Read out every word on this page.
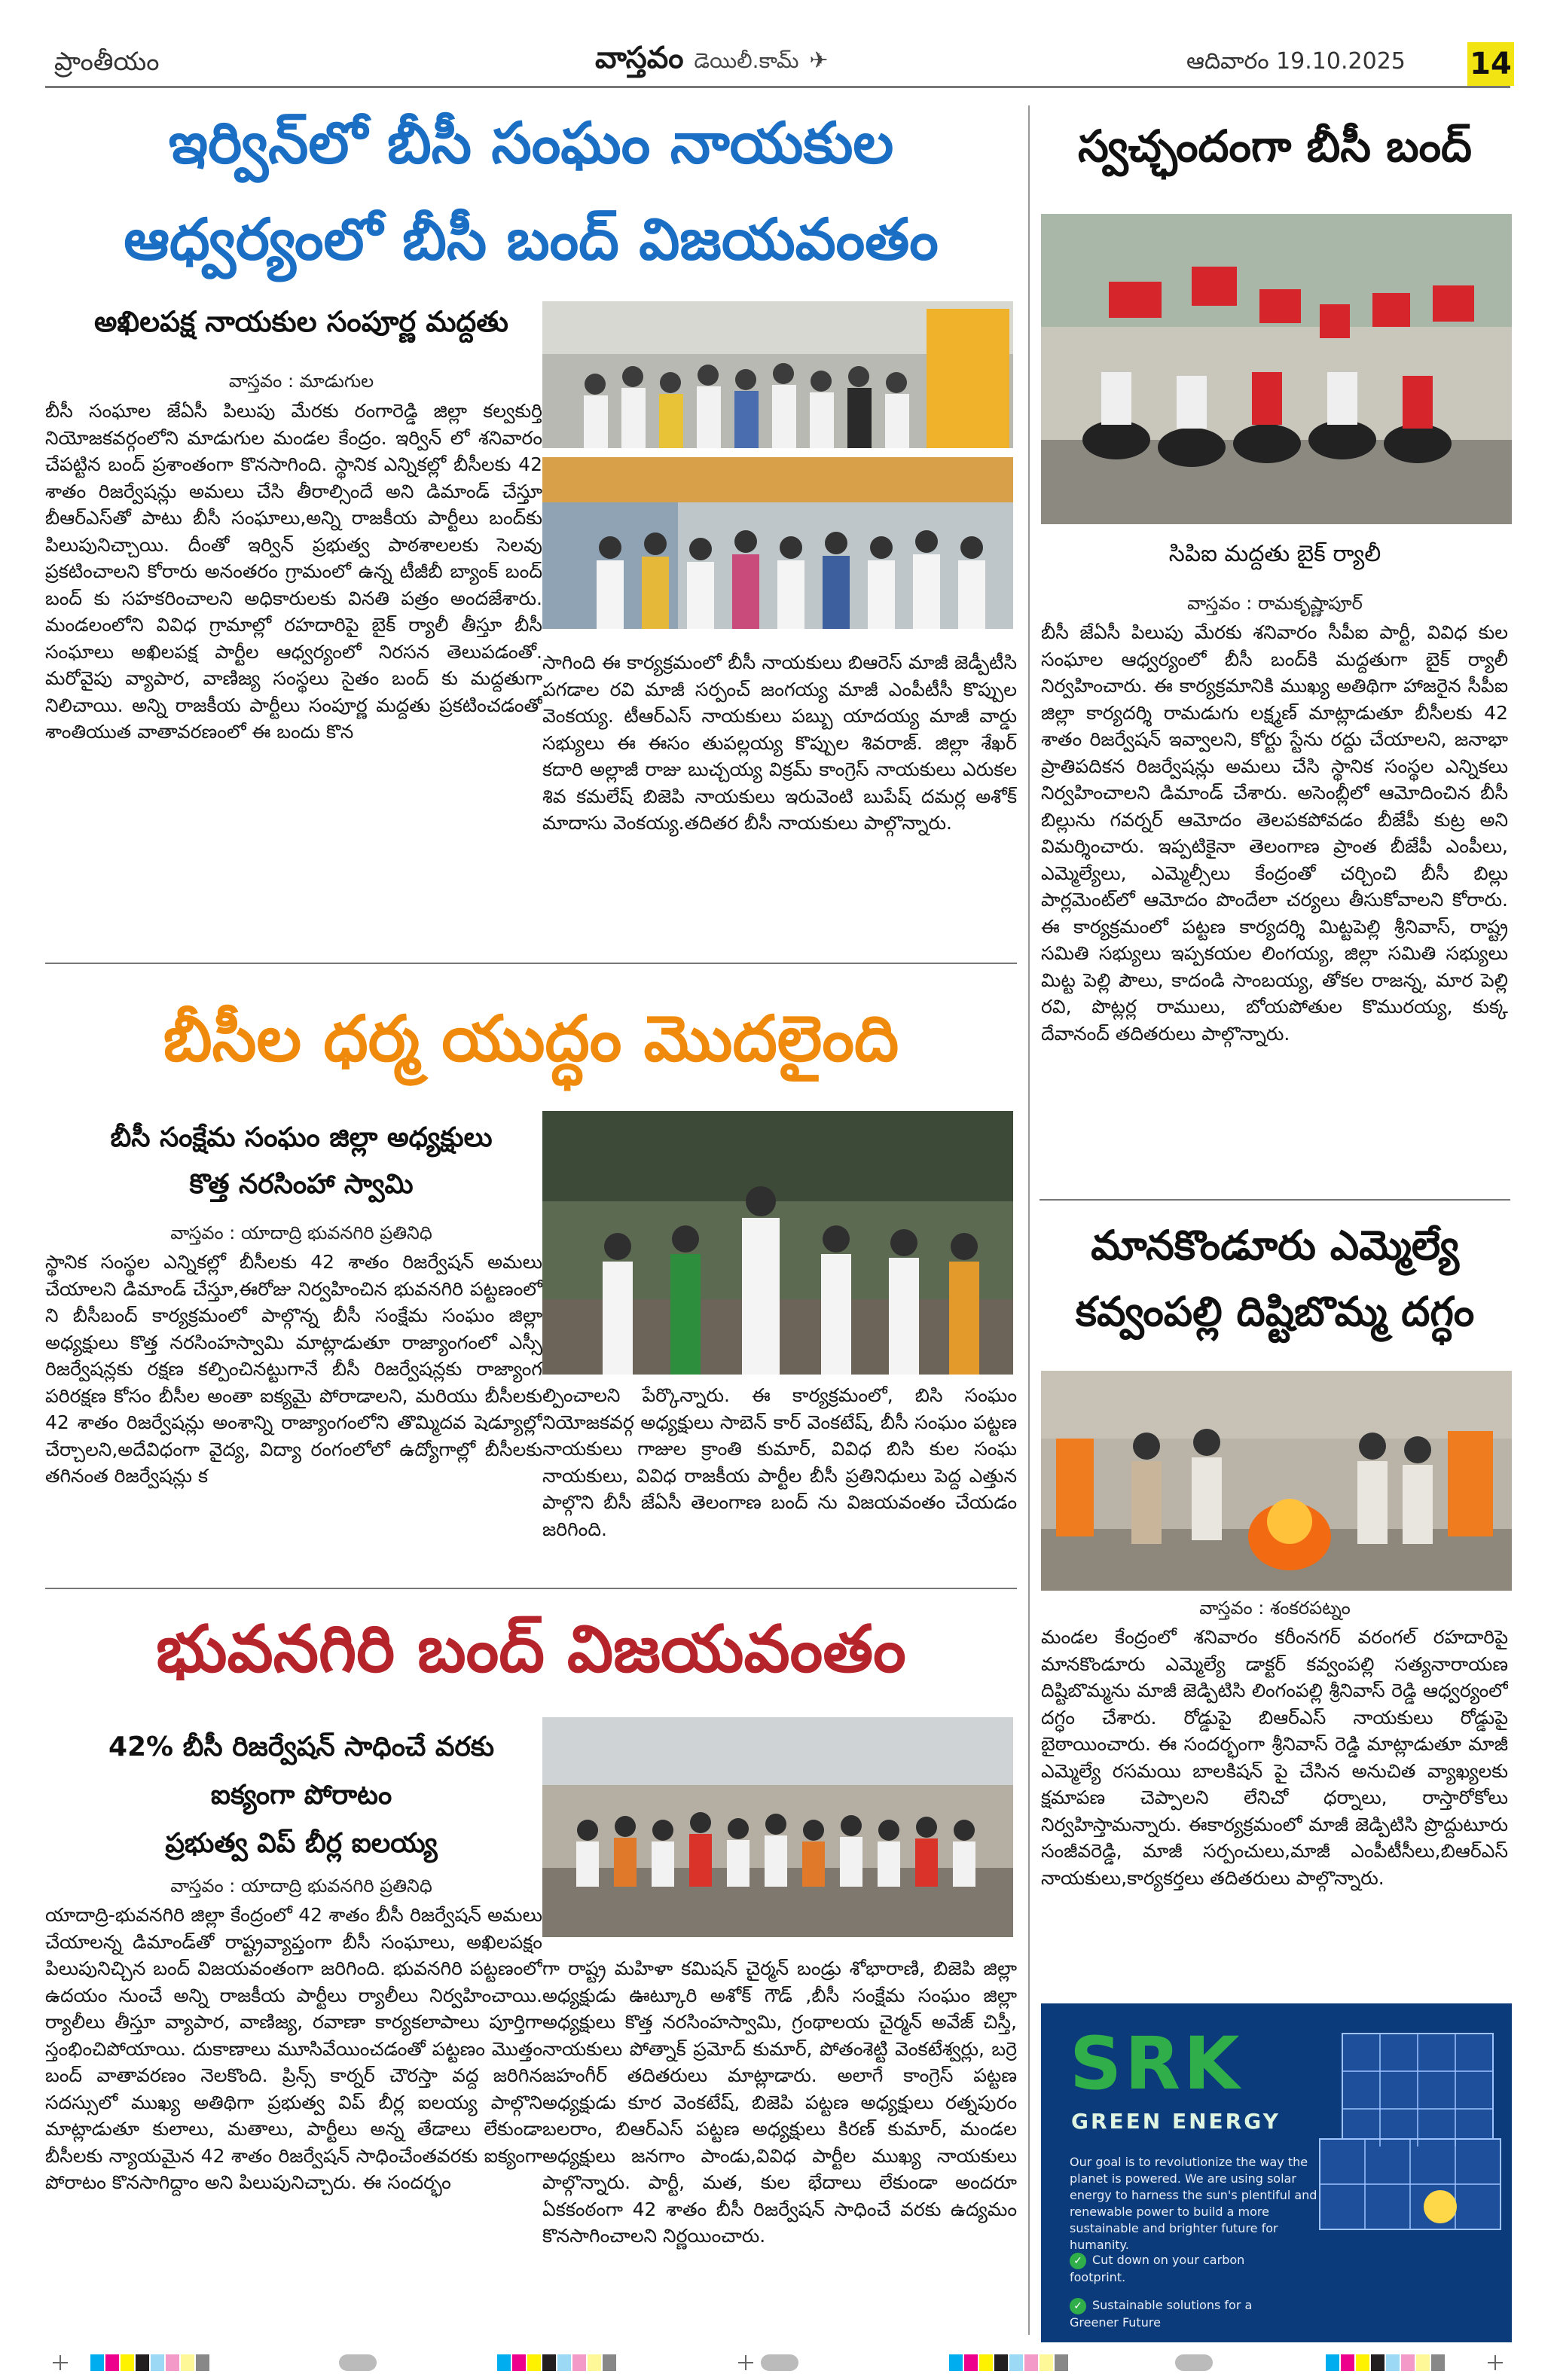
ప్రాంతీయం	వాస్తవం డెయిలీ.కామ్ ✈	ఆదివారం 19.10.2025 14
ఇర్విన్‌లో బీసీ సంఘం నాయకుల
ఆధ్వర్యంలో బీసీ బంద్ విజయవంతం
అఖిలపక్ష నాయకుల సంపూర్ణ మద్దతు
వాస్తవం : మాడుగుల
బీసీ సంఘాల జేఏసీ పిలుపు మేరకు రంగారెడ్డి జిల్లా కల్వకుర్తి నియోజకవర్గంలోని మాడుగుల మండల కేంద్రం. ఇర్విన్ లో శనివారం చేపట్టిన బంద్ ప్రశాంతంగా కొనసాగింది. స్థానిక ఎన్నికల్లో బీసీలకు 42 శాతం రిజర్వేషన్లు అమలు చేసి తీరాల్సిందే అని డిమాండ్ చేస్తూ బీఆర్ఎస్‌తో పాటు బీసీ సంఘాలు,అన్ని రాజకీయ పార్టీలు బంద్‌కు పిలుపునిచ్చాయి. దీంతో ఇర్విన్ ప్రభుత్వ పాఠశాలలకు సెలవు ప్రకటించాలని కోరారు అనంతరం గ్రామంలో ఉన్న టీజీబీ బ్యాంక్ బంద్ బంద్ కు సహకరించాలని అధికారులకు వినతి పత్రం అందజేశారు. మండలంలోని వివిధ గ్రామాల్లో రహదారిపై బైక్ ర్యాలీ తీస్తూ బీసీ సంఘాలు అఖిలపక్ష పార్టీల ఆధ్వర్యంలో నిరసన తెలుపడంతో. మరోవైపు వ్యాపార, వాణిజ్య సంస్థలు సైతం బంద్ కు మద్దతుగా నిలిచాయి. అన్ని రాజకీయ పార్టీలు సంపూర్ణ మద్దతు ప్రకటించడంతో శాంతియుత వాతావరణంలో ఈ బందు కొన
సాగింది ఈ కార్యక్రమంలో బీసీ నాయకులు బిఆరెస్ మాజీ జెడ్పీటీసి పగడాల రవి మాజీ సర్పంచ్ జంగయ్య మాజీ ఎంపీటీసీ కొప్పుల వెంకయ్య. టీఆర్ఎస్ నాయకులు పబ్బు యాదయ్య మాజీ వార్డు సభ్యులు ఈ ఈసం తుపల్లయ్య కొప్పుల శివరాజ్. జిల్లా శేఖర్ కదారి అల్లాజీ రాజు బుచ్చయ్య విక్రమ్ కాంగ్రెస్ నాయకులు ఎరుకల శివ కమలేష్ బిజెపి నాయకులు ఇరువెంటి బుపేష్ దమర్ల అశోక్ మాదాసు వెంకయ్య.తదితర బీసీ నాయకులు పాల్గొన్నారు.
స్వచ్ఛందంగా బీసీ బంద్
సిపిఐ మద్దతు బైక్ ర్యాలీ
వాస్తవం : రామకృష్ణాపూర్
బీసీ జేఏసీ పిలుపు మేరకు శనివారం సీపీఐ పార్టీ, వివిధ కుల సంఘాల ఆధ్వర్యంలో బీసీ బంద్‌కి మద్దతుగా బైక్ ర్యాలీ నిర్వహించారు. ఈ కార్యక్రమానికి ముఖ్య అతిథిగా హాజరైన సీపీఐ జిల్లా కార్యదర్శి రామడుగు లక్ష్మణ్ మాట్లాడుతూ బీసీలకు 42 శాతం రిజర్వేషన్ ఇవ్వాలని, కోర్టు స్టేను రద్దు చేయాలని, జనాభా ప్రాతిపదికన రిజర్వేషన్లు అమలు చేసి స్థానిక సంస్థల ఎన్నికలు నిర్వహించాలని డిమాండ్ చేశారు. అసెంబ్లీలో ఆమోదించిన బీసీ బిల్లును గవర్నర్ ఆమోదం తెలపకపోవడం బీజేపీ కుట్ర అని విమర్శించారు. ఇప్పటికైనా తెలంగాణ ప్రాంత బీజేపీ ఎంపీలు, ఎమ్మెల్యేలు, ఎమ్మెల్సీలు కేంద్రంతో చర్చించి బీసీ బిల్లు పార్లమెంట్‌లో ఆమోదం పొందేలా చర్యలు తీసుకోవాలని కోరారు. ఈ కార్యక్రమంలో పట్టణ కార్యదర్శి మిట్టపెల్లి శ్రీనివాస్, రాష్ట్ర సమితి సభ్యులు ఇప్పకయల లింగయ్య, జిల్లా సమితి సభ్యులు మిట్ట పెల్లి పౌలు, కాదండి సాంబయ్య, తోకల రాజన్న, మార పెల్లి రవి, పొట్లర్ల రాములు, బోయపోతుల కొమురయ్య, కుక్క దేవానంద్ తదితరులు పాల్గొన్నారు.
బీసీల ధర్మ యుద్ధం మొదలైంది
బీసీ సంక్షేమ సంఘం జిల్లా అధ్యక్షులు
కొత్త నరసింహా స్వామి
వాస్తవం : యాదాద్రి భువనగిరి ప్రతినిధి
స్థానిక సంస్థల ఎన్నికల్లో బీసీలకు 42 శాతం రిజర్వేషన్ అమలు చేయాలని డిమాండ్ చేస్తూ,ఈరోజు నిర్వహించిన భువనగిరి పట్టణంలో ని బీసీబంద్ కార్యక్రమంలో పాల్గొన్న బీసీ సంక్షేమ సంఘం జిల్లా అధ్యక్షులు కొత్త నరసింహస్వామి మాట్లాడుతూ రాజ్యాంగంలో ఎస్సీ రిజర్వేషన్లకు రక్షణ కల్పించినట్టుగానే బీసీ రిజర్వేషన్లకు రాజ్యాంగ పరిరక్షణ కోసం బీసీల అంతా ఐక్యమై పోరాడాలని, మరియు బీసీలకు 42 శాతం రిజర్వేషన్లు అంశాన్ని రాజ్యాంగంలోని తొమ్మిదవ షెడ్యూల్లో చేర్చాలని,అదేవిధంగా వైద్య, విద్యా రంగంలోలో ఉద్యోగాల్లో బీసీలకు తగినంత రిజర్వేషన్లు క
ల్పించాలని పేర్కొన్నారు. ఈ కార్యక్రమంలో, బిసి సంఘం నియోజకవర్గ అధ్యక్షులు సాబెన్ కార్ వెంకటేష్, బీసీ సంఘం పట్టణ నాయకులు గాజుల క్రాంతి కుమార్, వివిధ బిసి కుల సంఘ నాయకులు, వివిధ రాజకీయ పార్టీల బీసీ ప్రతినిధులు పెద్ద ఎత్తున పాల్గొని బీసీ జేఏసీ తెలంగాణ బంద్ ను విజయవంతం చేయడం జరిగింది.
మానకొండూరు ఎమ్మెల్యే
కవ్వంపల్లి దిష్టిబొమ్మ దగ్ధం
వాస్తవం : శంకరపట్నం
మండల కేంద్రంలో శనివారం కరీంనగర్ వరంగల్ రహదారిపై మానకొండూరు ఎమ్మెల్యే డాక్టర్ కవ్వంపల్లి సత్యనారాయణ దిష్టిబొమ్మను మాజీ జెడ్పిటిసి లింగంపల్లి శ్రీనివాస్ రెడ్డి ఆధ్వర్యంలో దగ్ధం చేశారు. రోడ్డుపై బిఆర్ఎస్ నాయకులు రోడ్డుపై బైఠాయించారు. ఈ సందర్భంగా శ్రీనివాస్ రెడ్డి మాట్లాడుతూ మాజీ ఎమ్మెల్యే రసమయి బాలకిషన్ పై చేసిన అనుచిత వ్యాఖ్యలకు క్షమాపణ చెప్పాలని లేనిచో ధర్నాలు, రాస్తారోకోలు నిర్వహిస్తామన్నారు. ఈకార్యక్రమంలో మాజీ జెడ్పిటిసి ప్రొద్దుటూరు సంజీవరెడ్డి, మాజీ సర్పంచులు,మాజీ ఎంపీటీసీలు,బిఆర్ఎస్ నాయకులు,కార్యకర్తలు తదితరులు పాల్గొన్నారు.
భువనగిరి బంద్ విజయవంతం
42% బీసీ రిజర్వేషన్ సాధించే వరకు
ఐక్యంగా పోరాటం
ప్రభుత్వ విప్ బీర్ల ఐలయ్య
వాస్తవం : యాదాద్రి భువనగిరి ప్రతినిధి
యాదాద్రి-భువనగిరి జిల్లా కేంద్రంలో 42 శాతం బీసీ రిజర్వేషన్ అమలు చేయాలన్న డిమాండ్‌తో రాష్ట్రవ్యాప్తంగా బీసీ సంఘాలు, అఖిలపక్షం పిలుపునిచ్చిన బంద్ విజయవంతంగా జరిగింది. భువనగిరి పట్టణంలో ఉదయం నుంచే అన్ని రాజకీయ పార్టీలు ర్యాలీలు నిర్వహించాయి. ర్యాలీలు తీస్తూ వ్యాపార, వాణిజ్య, రవాణా కార్యకలాపాలు పూర్తిగా స్తంభించిపోయాయి. దుకాణాలు మూసివేయించడంతో పట్టణం మొత్తం బంద్ వాతావరణం నెలకొంది. ప్రిన్స్ కార్నర్ చౌరస్తా వద్ద జరిగిన సదస్సులో ముఖ్య అతిథిగా ప్రభుత్వ విప్ బీర్ల ఐలయ్య పాల్గొని మాట్లాడుతూ కులాలు, మతాలు, పార్టీలు అన్న తేడాలు లేకుండా బీసీలకు న్యాయమైన 42 శాతం రిజర్వేషన్ సాధించేంతవరకు ఐక్యంగా పోరాటం కొనసాగిద్దాం అని పిలుపునిచ్చారు. ఈ సందర్భం
గా రాష్ట్ర మహిళా కమిషన్ చైర్మన్ బండ్రు శోభారాణి, బిజెపి జిల్లా అధ్యక్షుడు ఊట్కూరి అశోక్ గౌడ్ ,బీసీ సంక్షేమ సంఘం జిల్లా అధ్యక్షులు కొత్త నరసింహస్వామి, గ్రంథాలయ చైర్మన్ అవేజ్ చిస్తీ, నాయకులు పోత్నాక్ ప్రమోద్ కుమార్, పోతంశెట్టి వెంకటేశ్వర్లు, బర్రె జహంగీర్ తదితరులు మాట్లాడారు. అలాగే కాంగ్రెస్ పట్టణ అధ్యక్షుడు కూర వెంకటేష్, బిజెపి పట్టణ అధ్యక్షులు రత్నపురం బలరాం, బిఆర్ఎస్ పట్టణ అధ్యక్షులు కిరణ్ కుమార్, మండల అధ్యక్షులు జనగాం పాండు,వివిధ పార్టీల ముఖ్య నాయకులు పాల్గొన్నారు. పార్టీ, మత, కుల భేదాలు లేకుండా అందరూ ఏకకంఠంగా 42 శాతం బీసీ రిజర్వేషన్ సాధించే వరకు ఉద్యమం కొనసాగించాలని నిర్ణయించారు.
SRK
GREEN ENERGY
Our goal is to revolutionize the way the planet is powered. We are using solar energy to harness the sun's plentiful and renewable power to build a more sustainable and brighter future for humanity.
✓ Cut down on your carbon footprint.
✓ Sustainable solutions for a Greener Future
